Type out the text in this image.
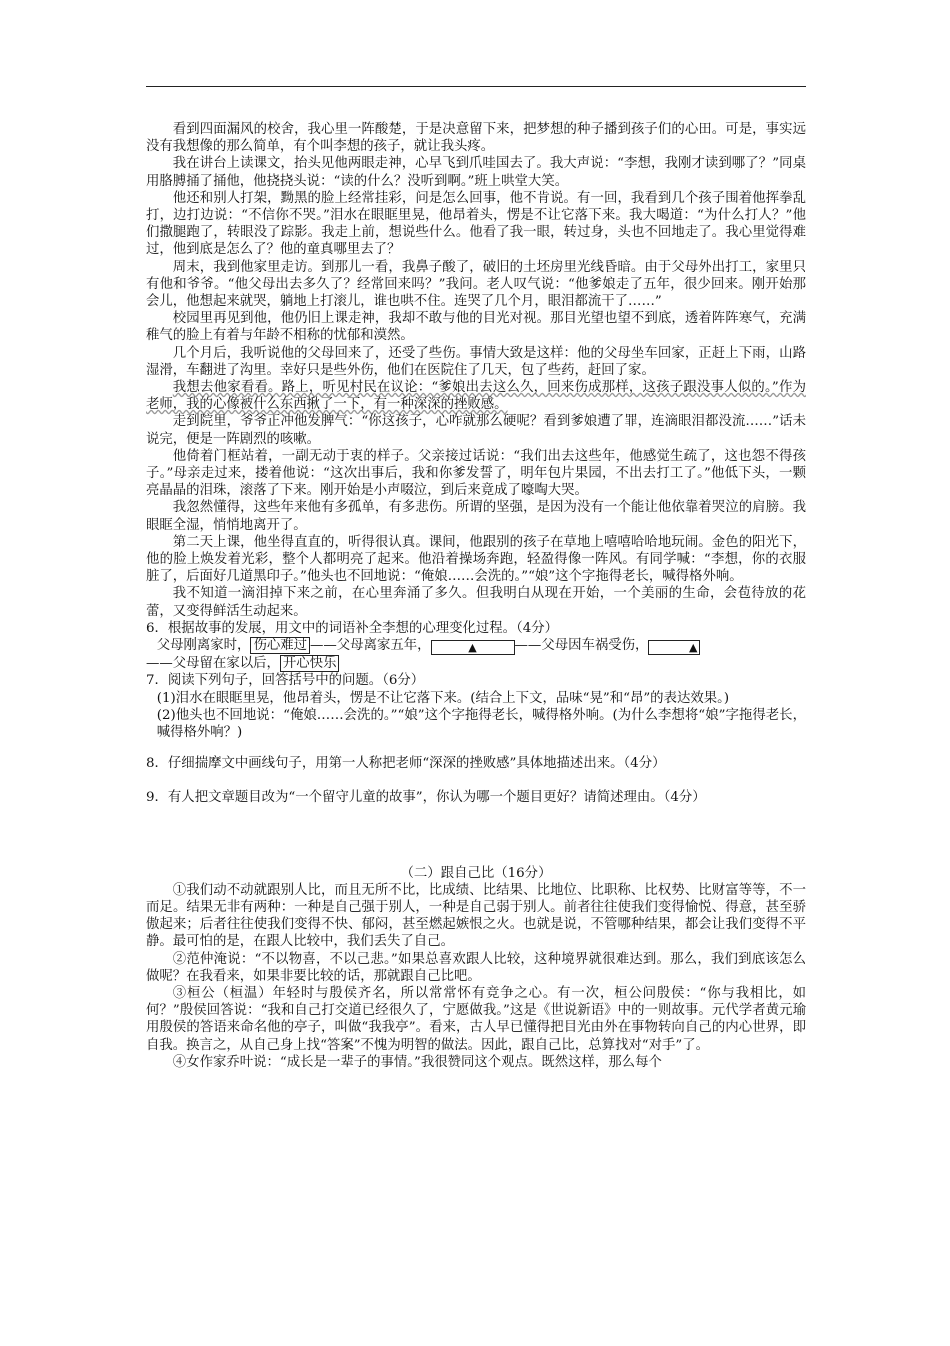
看到四面漏风的校舍，我心里一阵酸楚，于是决意留下来，把梦想的种子播到孩子们的心田。可是，事实远没有我想像的那么简单，有个叫李想的孩子，就让我头疼。

我在讲台上读课文，抬头见他两眼走神，心早飞到爪哇国去了。我大声说：“李想，我刚才读到哪了？”同桌用胳膊捅了捅他，他挠挠头说：“读的什么？没听到啊。”班上哄堂大笑。

他还和别人打架，黝黑的脸上经常挂彩，问是怎么回事，他不肯说。有一回，我看到几个孩子围着他挥拳乱打，边打边说：“不信你不哭。”泪水在眼眶里晃，他昂着头，愣是不让它落下来。我大喝道：“为什么打人？”他们撒腿跑了，转眼没了踪影。我走上前，想说些什么。他看了我一眼，转过身，头也不回地走了。我心里觉得难过，他到底是怎么了？他的童真哪里去了？

周末，我到他家里走访。到那儿一看，我鼻子酸了，破旧的土坯房里光线昏暗。由于父母外出打工，家里只有他和爷爷。“他父母出去多久了？经常回来吗？”我问。老人叹气说：“他爹娘走了五年，很少回来。刚开始那会儿，他想起来就哭，躺地上打滚儿，谁也哄不住。连哭了几个月，眼泪都流干了……”

校园里再见到他，他仍旧上课走神，我却不敢与他的目光对视。那目光望也望不到底，透着阵阵寒气，充满稚气的脸上有着与年龄不相称的忧郁和漠然。

几个月后，我听说他的父母回来了，还受了些伤。事情大致是这样：他的父母坐车回家，正赶上下雨，山路湿滑，车翻进了沟里。幸好只是些外伤，他们在医院住了几天，包了些药，赶回了家。

我想去他家看看。路上，听见村民在议论：“爹娘出去这么久，回来伤成那样，这孩子跟没事人似的。”作为老师，我的心像被什么东西揪了一下，有一种深深的挫败感。

走到院里，爷爷正冲他发脾气：“你这孩子，心咋就那么硬呢？看到爹娘遭了罪，连滴眼泪都没流……”话未说完，便是一阵剧烈的咳嗽。

他倚着门框站着，一副无动于衷的样子。父亲接过话说：“我们出去这些年，他感觉生疏了，这也怨不得孩子。”母亲走过来，搂着他说：“这次出事后，我和你爹发誓了，明年包片果园，不出去打工了。”他低下头，一颗亮晶晶的泪珠，滚落了下来。刚开始是小声啜泣，到后来竟成了嚎啕大哭。

我忽然懂得，这些年来他有多孤单，有多悲伤。所谓的坚强，是因为没有一个能让他依靠着哭泣的肩膀。我眼眶全湿，悄悄地离开了。

第二天上课，他坐得直直的，听得很认真。课间，他跟别的孩子在草地上嘻嘻哈哈地玩闹。金色的阳光下，他的脸上焕发着光彩，整个人都明亮了起来。他沿着操场奔跑，轻盈得像一阵风。有同学喊：“李想，你的衣服脏了，后面好几道黑印子。”他头也不回地说：“俺娘……会洗的。”“娘”这个字拖得老长，喊得格外响。

我不知道一滴泪掉下来之前，在心里奔涌了多久。但我明白从现在开始，一个美丽的生命，会苞待放的花蕾，又变得鲜活生动起来。

6．根据故事的发展，用文中的词语补全李想的心理变化过程。（4分）

父母刚离家时， 伤心难过 ——父母离家五年，	▲	——父母因车祸受伤，	▲

——父母留在家以后， 开心快乐

7．阅读下列句子，回答括号中的问题。（6分）

(1)泪水在眼眶里晃，他昂着头，愣是不让它落下来。(结合上下文，品味“晃”和“昂”的表达效果。)

(2)他头也不回地说：“俺娘……会洗的。”“娘”这个字拖得老长，喊得格外响。(为什么李想将“娘”字拖得老长，喊得格外响？)

8．仔细揣摩文中画线句子，用第一人称把老师“深深的挫败感”具体地描述出来。（4分）

9．有人把文章题目改为“一个留守儿童的故事”，你认为哪一个题目更好？请简述理由。（4分）

（二）跟自己比（16分）

①我们动不动就跟别人比，而且无所不比，比成绩、比结果、比地位、比职称、比权势、比财富等等，不一而足。结果无非有两种：一种是自己强于别人，一种是自己弱于别人。前者往往使我们变得愉悦、得意，甚至骄傲起来；后者往往使我们变得不快、郁闷，甚至燃起嫉恨之火。也就是说，不管哪种结果，都会让我们变得不平静。最可怕的是，在跟人比较中，我们丢失了自己。

②范仲淹说：“不以物喜，不以己悲。”如果总喜欢跟人比较，这种境界就很难达到。那么，我们到底该怎么做呢？在我看来，如果非要比较的话，那就跟自己比吧。

③桓公（桓温）年轻时与殷侯齐名，所以常常怀有竞争之心。有一次，桓公问殷侯：“你与我相比，如何？”殷侯回答说：“我和自己打交道已经很久了，宁愿做我。”这是《世说新语》中的一则故事。元代学者黄元瑜用殷侯的答语来命名他的亭子，叫做“我我亭”。看来，古人早已懂得把目光由外在事物转向自己的内心世界，即自我。换言之，从自己身上找“答案”不愧为明智的做法。因此，跟自己比，总算找对“对手”了。

④女作家乔叶说：“成长是一辈子的事情。”我很赞同这个观点。既然这样，那么每个
